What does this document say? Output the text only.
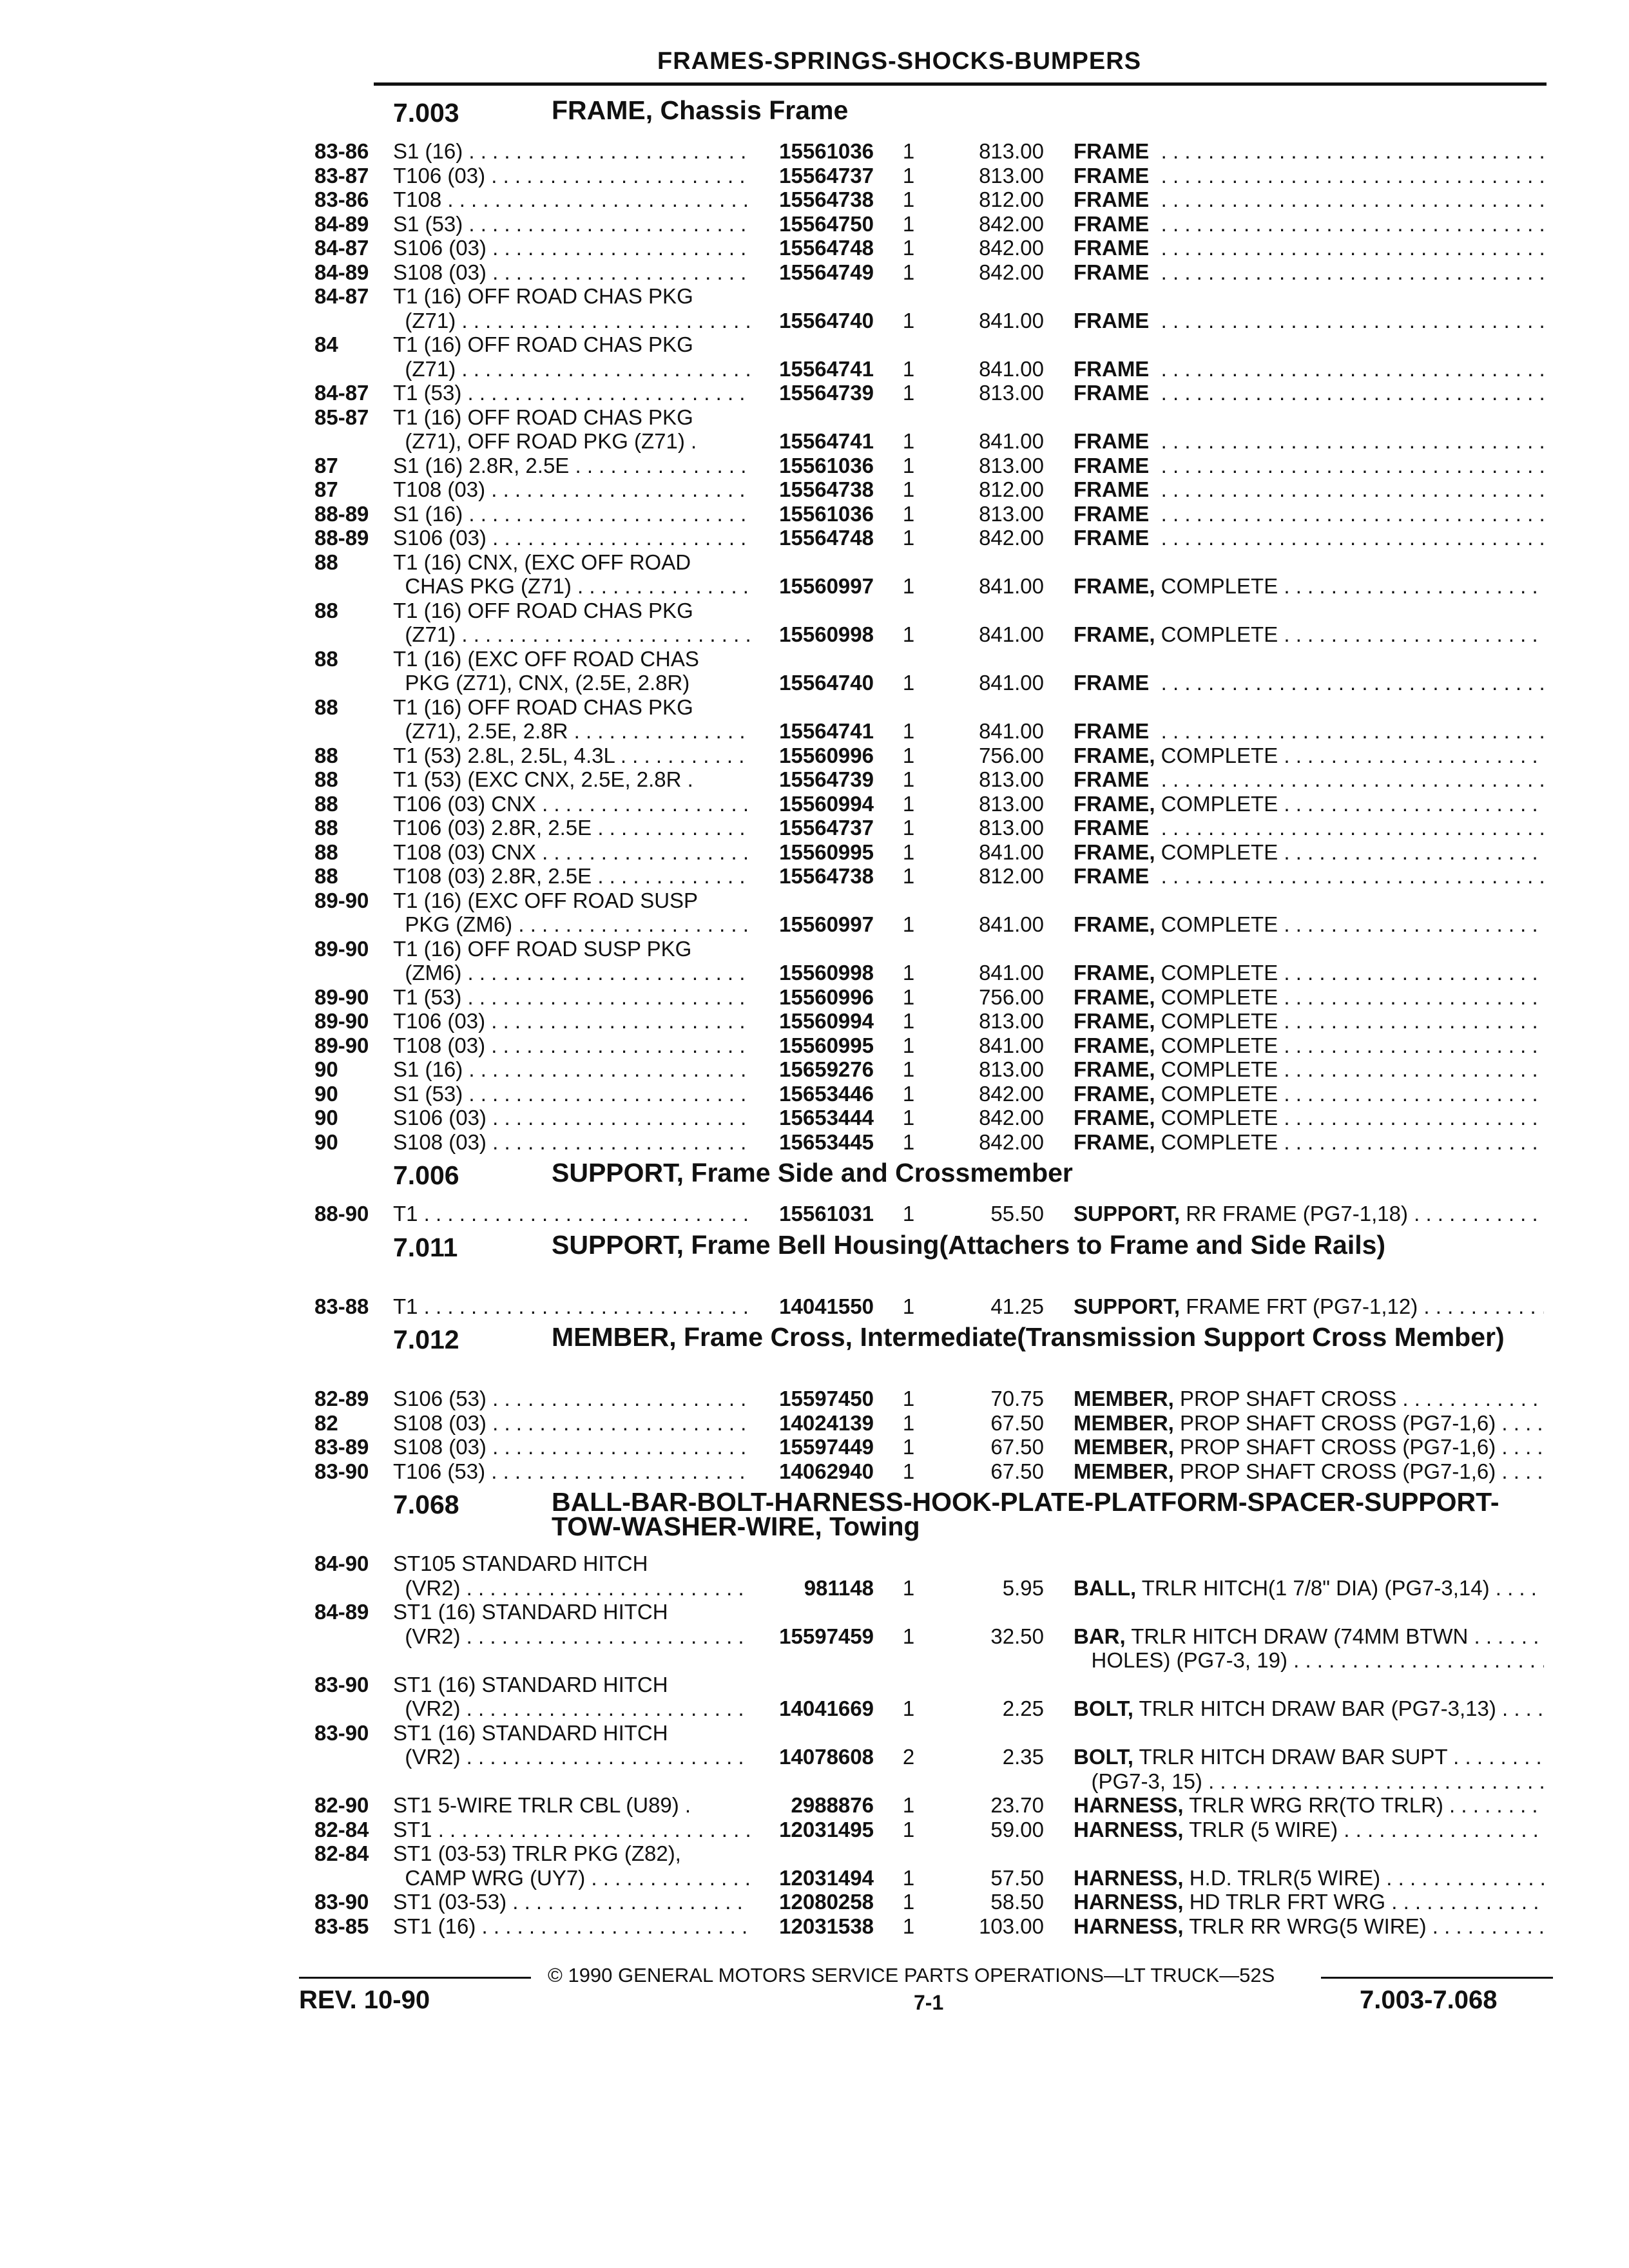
FRAMES-SPRINGS-SHOCKS-BUMPERS
7.003	FRAME, Chassis Frame
83-86	S1 (16) . . .	15561036	1	813.00 FRAME  . . .
83-87	T106 (03) . . .	15564737	1	813.00 FRAME  . . .
83-86	T108 . . .	15564738	1	812.00 FRAME  . . .
84-89	S1 (53) . . .	15564750	1	842.00 FRAME  . . .
84-87	S106 (03) . . .	15564748	1	842.00 FRAME  . . .
84-89	S108 (03) . . .	15564749	1	842.00 FRAME  . . .
84-87	T1 (16) OFF ROAD CHAS PKG

(Z71) . . .	15564740	1	841.00 FRAME  . . .
84	T1 (16) OFF ROAD CHAS PKG

(Z71) . . .	15564741	1	841.00 FRAME  . . .
84-87	T1 (53) . . .	15564739	1	813.00 FRAME  . . .
85-87	T1 (16) OFF ROAD CHAS PKG

(Z71), OFF ROAD PKG (Z71) .	15564741	1	841.00 FRAME  . . .
87	S1 (16) 2.8R, 2.5E . . .	15561036	1	813.00 FRAME  . . .
87	T108 (03) . . .	15564738	1	812.00 FRAME  . . .
88-89	S1 (16) . . .	15561036	1	813.00 FRAME  . . .
88-89	S106 (03) . . .	15564748	1	842.00 FRAME  . . .
88	T1 (16) CNX, (EXC OFF ROAD

CHAS PKG (Z71) . . .	15560997	1	841.00 FRAME, COMPLETE . . .
88	T1 (16) OFF ROAD CHAS PKG

(Z71) . . .	15560998	1	841.00 FRAME, COMPLETE . . .
88	T1 (16) (EXC OFF ROAD CHAS

PKG (Z71), CNX, (2.5E, 2.8R)	15564740	1	841.00 FRAME  . . .
88	T1 (16) OFF ROAD CHAS PKG

(Z71), 2.5E, 2.8R . . .	15564741	1	841.00 FRAME  . . .
88	T1 (53) 2.8L, 2.5L, 4.3L . . .	15560996	1	756.00 FRAME, COMPLETE . . .
88	T1 (53) (EXC CNX, 2.5E, 2.8R .	15564739	1	813.00 FRAME  . . .
88	T106 (03) CNX . . .	15560994	1	813.00 FRAME, COMPLETE . . .
88	T106 (03) 2.8R, 2.5E . . .	15564737	1	813.00 FRAME  . . .
88	T108 (03) CNX . . .	15560995	1	841.00 FRAME, COMPLETE . . .
88	T108 (03) 2.8R, 2.5E . . .	15564738	1	812.00 FRAME  . . .
89-90	T1 (16) (EXC OFF ROAD SUSP

PKG (ZM6) . . .	15560997	1	841.00 FRAME, COMPLETE . . .
89-90	T1 (16) OFF ROAD SUSP PKG

(ZM6) . . .	15560998	1	841.00 FRAME, COMPLETE . . .
89-90	T1 (53) . . .	15560996	1	756.00 FRAME, COMPLETE . . .
89-90	T106 (03) . . .	15560994	1	813.00 FRAME, COMPLETE . . .
89-90	T108 (03) . . .	15560995	1	841.00 FRAME, COMPLETE . . .
90	S1 (16) . . .	15659276	1	813.00 FRAME, COMPLETE . . .
90	S1 (53) . . .	15653446	1	842.00 FRAME, COMPLETE . . .
90	S106 (03) . . .	15653444	1	842.00 FRAME, COMPLETE . . .
90	S108 (03) . . .	15653445	1	842.00 FRAME, COMPLETE . . .
7.006	SUPPORT, Frame Side and Crossmember
88-90	T1 . . .	15561031	1	55.50 SUPPORT, RR FRAME (PG7-1,18) . . .
7.011	SUPPORT, Frame Bell Housing(Attachers to Frame and Side Rails)
83-88	T1 . . .	14041550	1	41.25 SUPPORT, FRAME FRT (PG7-1,12) . . .
7.012	MEMBER, Frame Cross, Intermediate(Transmission Support Cross Member)
82-89	S106 (53) . . .	15597450	1	70.75 MEMBER, PROP SHAFT CROSS . . .
82	S108 (03) . . .	14024139	1	67.50 MEMBER, PROP SHAFT CROSS (PG7-1,6) . . .
83-89	S108 (03) . . .	15597449	1	67.50 MEMBER, PROP SHAFT CROSS (PG7-1,6) . . .
83-90	T106 (53) . . .	14062940	1	67.50 MEMBER, PROP SHAFT CROSS (PG7-1,6) . . .
7.068	BALL-BAR-BOLT-HARNESS-HOOK-PLATE-PLATFORM-SPACER-SUPPORT-TOW-WASHER-WIRE, Towing
84-90	ST105 STANDARD HITCH

(VR2) . . .	981148	1	5.95 BALL, TRLR HITCH(1 7/8" DIA) (PG7-3,14) . . .
84-89	ST1 (16) STANDARD HITCH

(VR2) . . .	15597459	1	32.50 BAR, TRLR HITCH DRAW (74MM BTWN . . .
HOLES) (PG7-3, 19) . . . . . . . . . . . . . . . . . . . . .
83-90	ST1 (16) STANDARD HITCH

(VR2) . . .	14041669	1	2.25 BOLT, TRLR HITCH DRAW BAR (PG7-3,13) . . .
83-90	ST1 (16) STANDARD HITCH

(VR2) . . .	14078608	2	2.35 BOLT, TRLR HITCH DRAW BAR SUPT . . .
(PG7-3, 15) . . . . . . . . . . . . . . . . . . . . . . . . . . .
82-90	ST1 5-WIRE TRLR CBL (U89) .	2988876	1	23.70 HARNESS, TRLR WRG RR(TO TRLR) . . .
82-84	ST1 . . .	12031495	1	59.00 HARNESS, TRLR (5 WIRE) . . .
82-84	ST1 (03-53) TRLR PKG (Z82),

CAMP WRG (UY7) . . .	12031494	1	57.50 HARNESS, H.D. TRLR(5 WIRE) . . .
83-90	ST1 (03-53) . . .	12080258	1	58.50 HARNESS, HD TRLR FRT WRG . . .
83-85	ST1 (16) . . .	12031538	1	103.00 HARNESS, TRLR RR WRG(5 WIRE) . . .
© 1990 GENERAL MOTORS SERVICE PARTS OPERATIONS—LT TRUCK—52S
REV. 10-90	7-1	7.003-7.068
